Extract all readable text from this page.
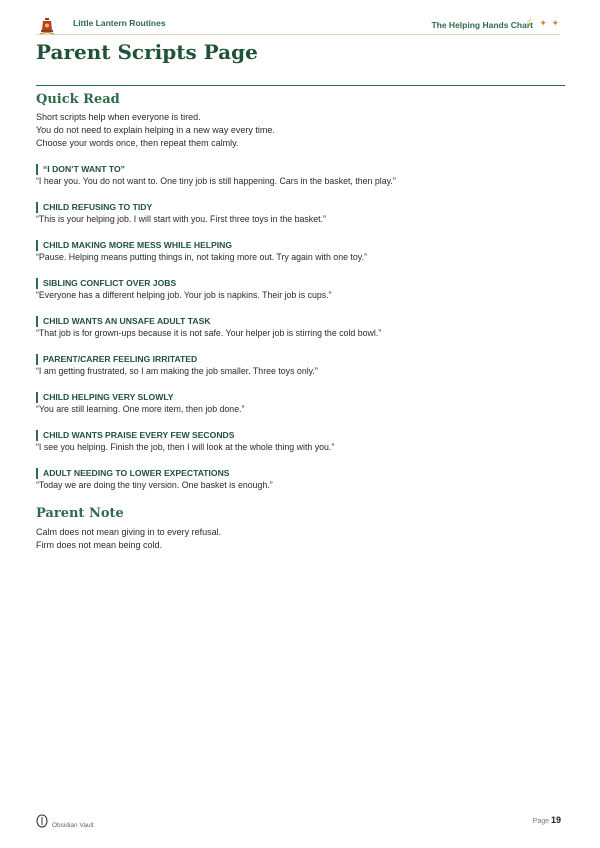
Little Lantern Routines	The Helping Hands Chart
☾ ✦ ✦
Parent Scripts Page
Quick Read
Short scripts help when everyone is tired.
You do not need to explain helping in a new way every time.
Choose your words once, then repeat them calmly.
“I DON’T WANT TO”
“I hear you. You do not want to. One tiny job is still happening. Cars in the basket, then play.”
CHILD REFUSING TO TIDY
“This is your helping job. I will start with you. First three toys in the basket.”
CHILD MAKING MORE MESS WHILE HELPING
“Pause. Helping means putting things in, not taking more out. Try again with one toy.”
SIBLING CONFLICT OVER JOBS
“Everyone has a different helping job. Your job is napkins. Their job is cups.”
CHILD WANTS AN UNSAFE ADULT TASK
“That job is for grown-ups because it is not safe. Your helper job is stirring the cold bowl.”
PARENT/CARER FEELING IRRITATED
“I am getting frustrated, so I am making the job smaller. Three toys only.”
CHILD HELPING VERY SLOWLY
“You are still learning. One more item, then job done.”
CHILD WANTS PRAISE EVERY FEW SECONDS
“I see you helping. Finish the job, then I will look at the whole thing with you.”
ADULT NEEDING TO LOWER EXPECTATIONS
“Today we are doing the tiny version. One basket is enough.”
Parent Note
Calm does not mean giving in to every refusal.
Firm does not mean being cold.
Obsidian Vault
Page 19
